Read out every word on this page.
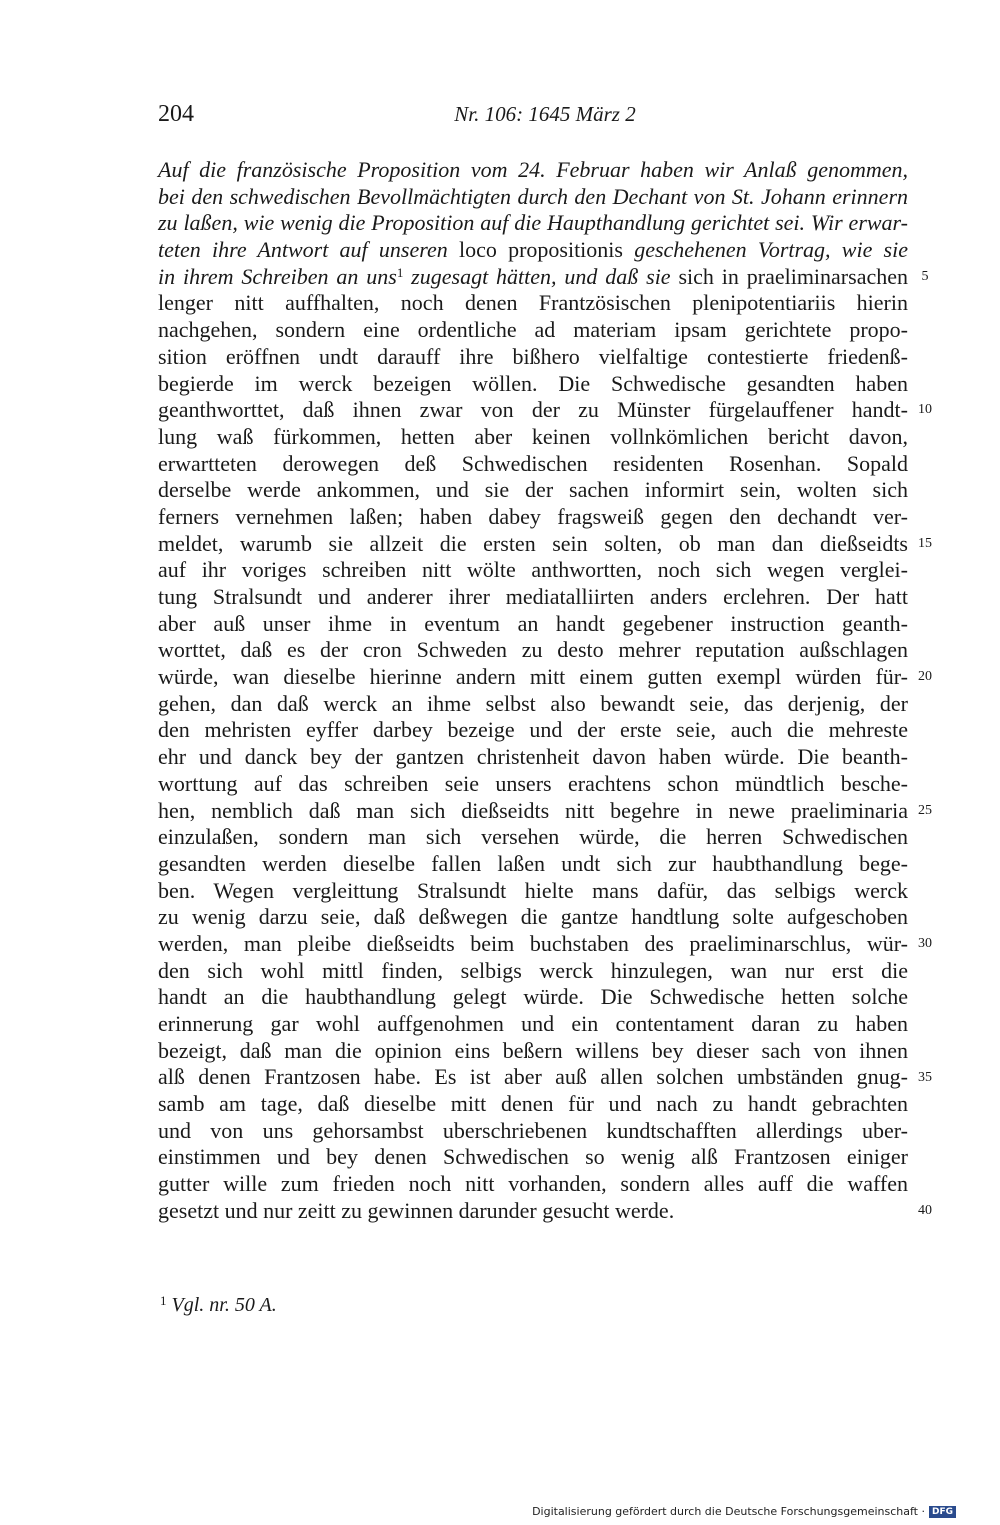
204	Nr. 106: 1645 März 2
Auf die französische Proposition vom 24. Februar haben wir Anlaß genommen,
bei den schwedischen Bevollmächtigten durch den Dechant von St. Johann erinnern
zu laßen, wie wenig die Proposition auf die Haupthandlung gerichtet sei. Wir erwar-
teten ihre Antwort auf unseren loco propositionis geschehenen Vortrag, wie sie
in ihrem Schreiben an uns$^1$ zugesagt hätten, und daß sie sich in praeliminarsachen
lenger nitt auffhalten, noch denen Frantzösischen plenipotentiariis hierin
nachgehen, sondern eine ordentliche ad materiam ipsam gerichtete propo-
sition eröffnen undt darauff ihre bißhero vielfaltige contestierte friedenß-
begierde im werck bezeigen wöllen. Die Schwedische gesandten haben
geanthworttet, daß ihnen zwar von der zu Münster fürgelauffener handt-
lung waß fürkommen, hetten aber keinen vollnkömlichen bericht davon,
erwartteten derowegen deß Schwedischen residenten Rosenhan. Sopald
derselbe werde ankommen, und sie der sachen informirt sein, wolten sich
ferners vernehmen laßen; haben dabey fragsweiß gegen den dechandt ver-
meldet, warumb sie allzeit die ersten sein solten, ob man dan dießseidts
auf ihr voriges schreiben nitt wölte anthwortten, noch sich wegen verglei-
tung Stralsundt und anderer ihrer mediatalliirten anders erclehren. Der hatt
aber auß unser ihme in eventum an handt gegebener instruction geanth-
worttet, daß es der cron Schweden zu desto mehrer reputation außschlagen
würde, wan dieselbe hierinne andern mitt einem gutten exempl würden für-
gehen, dan daß werck an ihme selbst also bewandt seie, das derjenig, der
den mehristen eyffer darbey bezeige und der erste seie, auch die mehreste
ehr und danck bey der gantzen christenheit davon haben würde. Die beanth-
worttung auf das schreiben seie unsers erachtens schon mündtlich besche-
hen, nemblich daß man sich dießseidts nitt begehre in newe praeliminaria
einzulaßen, sondern man sich versehen würde, die herren Schwedischen
gesandten werden dieselbe fallen laßen undt sich zur haubthandlung bege-
ben. Wegen vergleittung Stralsundt hielte mans dafür, das selbigs werck
zu wenig darzu seie, daß deßwegen die gantze handtlung solte aufgeschoben
werden, man pleibe dießseidts beim buchstaben des praeliminarschlus, wür-
den sich wohl mittl finden, selbigs werck hinzulegen, wan nur erst die
handt an die haubthandlung gelegt würde. Die Schwedische hetten solche
erinnerung gar wohl auffgenohmen und ein contentament daran zu haben
bezeigt, daß man die opinion eins beßern willens bey dieser sach von ihnen
alß denen Frantzosen habe. Es ist aber auß allen solchen umbständen gnug-
samb am tage, daß dieselbe mitt denen für und nach zu handt gebrachten
und von uns gehorsambst uberschriebenen kundtschafften allerdings uber-
einstimmen und bey denen Schwedischen so wenig alß Frantzosen einiger
gutter wille zum frieden noch nitt vorhanden, sondern alles auff die waffen
gesetzt und nur zeitt zu gewinnen darunder gesucht werde.
5
10
15
20
25
30
35
40
$^1$ Vgl. nr. 50 A.
Digitalisierung gefördert durch die Deutsche Forschungsgemeinschaft · DFG
